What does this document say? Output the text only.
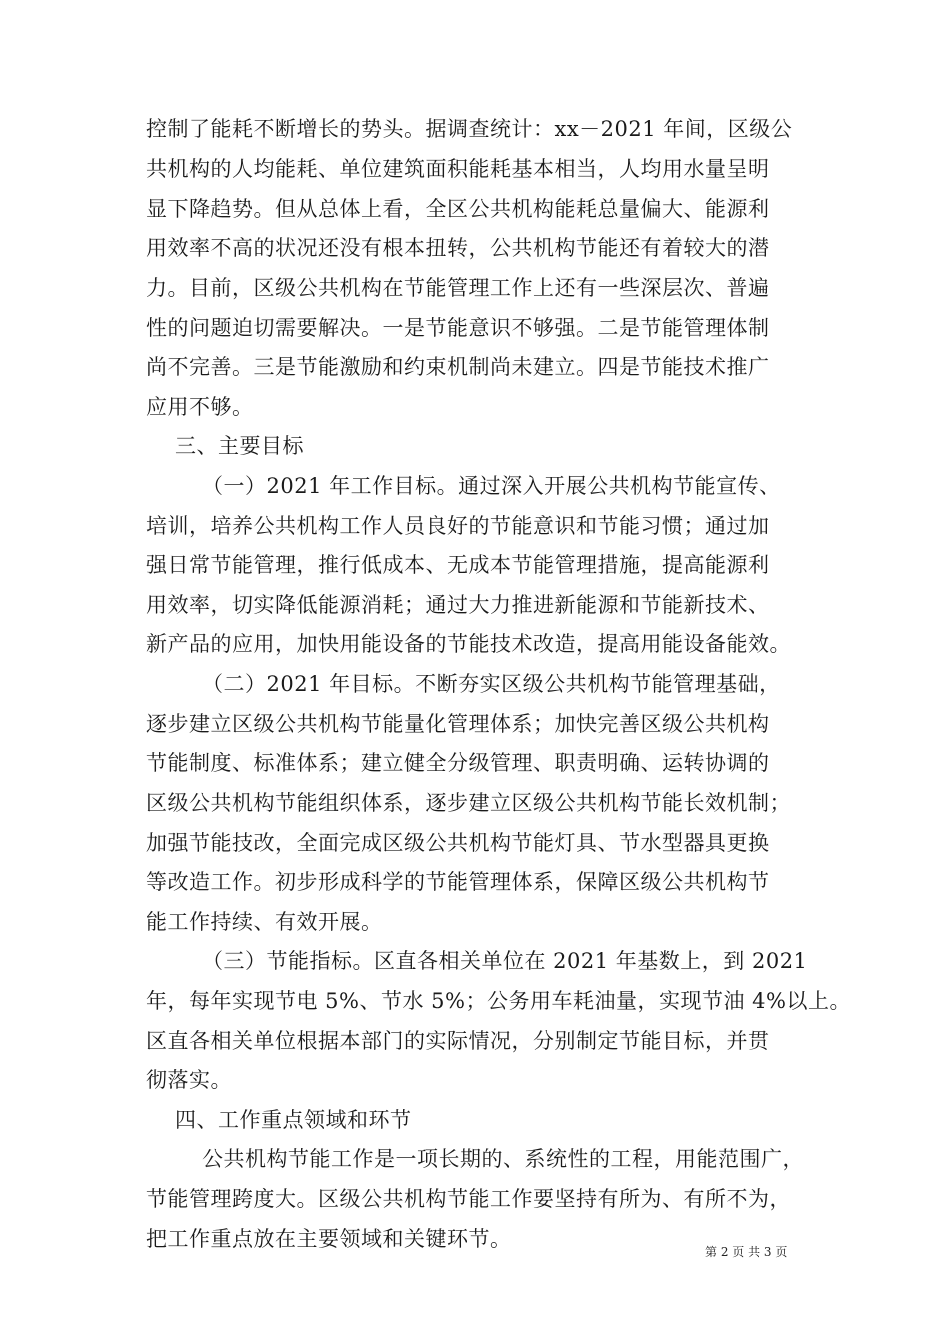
控制了能耗不断增长的势头。据调查统计：xx－2021 年间，区级公
共机构的人均能耗、单位建筑面积能耗基本相当，人均用水量呈明
显下降趋势。但从总体上看，全区公共机构能耗总量偏大、能源利
用效率不高的状况还没有根本扭转，公共机构节能还有着较大的潜
力。目前，区级公共机构在节能管理工作上还有一些深层次、普遍
性的问题迫切需要解决。一是节能意识不够强。二是节能管理体制
尚不完善。三是节能激励和约束机制尚未建立。四是节能技术推广
应用不够。
三、主要目标
（一）2021 年工作目标。通过深入开展公共机构节能宣传、
培训，培养公共机构工作人员良好的节能意识和节能习惯；通过加
强日常节能管理，推行低成本、无成本节能管理措施，提高能源利
用效率，切实降低能源消耗；通过大力推进新能源和节能新技术、
新产品的应用，加快用能设备的节能技术改造，提高用能设备能效。
（二）2021 年目标。不断夯实区级公共机构节能管理基础，
逐步建立区级公共机构节能量化管理体系；加快完善区级公共机构
节能制度、标准体系；建立健全分级管理、职责明确、运转协调的
区级公共机构节能组织体系，逐步建立区级公共机构节能长效机制；
加强节能技改，全面完成区级公共机构节能灯具、节水型器具更换
等改造工作。初步形成科学的节能管理体系，保障区级公共机构节
能工作持续、有效开展。
（三）节能指标。区直各相关单位在 2021 年基数上，到 2021
年，每年实现节电 5%、节水 5%；公务用车耗油量，实现节油 4%以上。
区直各相关单位根据本部门的实际情况，分别制定节能目标，并贯
彻落实。
四、工作重点领域和环节
公共机构节能工作是一项长期的、系统性的工程，用能范围广，
节能管理跨度大。区级公共机构节能工作要坚持有所为、有所不为，
把工作重点放在主要领域和关键环节。
第 2 页 共 3 页
